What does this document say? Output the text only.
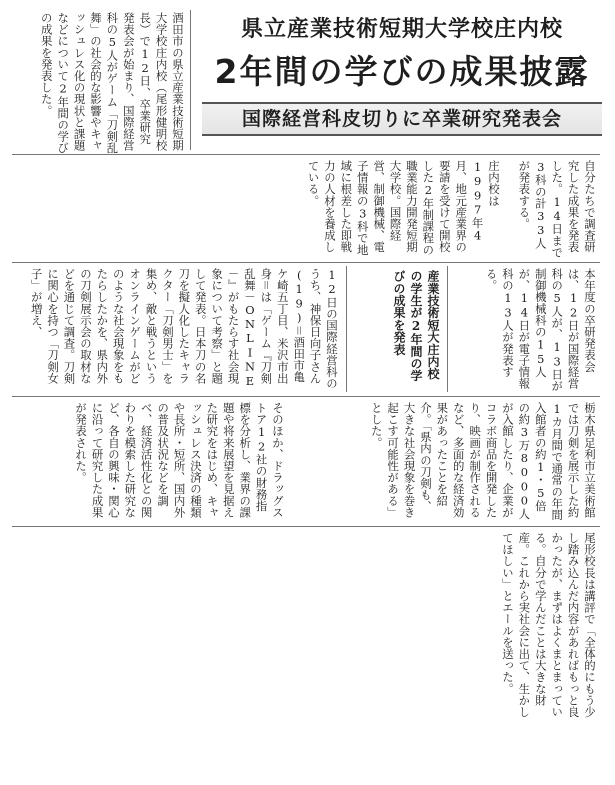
県立産業技術短期大学校庄内校
2年間の学びの成果披露
国際経営科皮切りに卒業研究発表会
酒田市の県立産業技術短期大学校庄内校（尾形健明校長）で12日、卒業研究発表会が始まり、国際経営科の5人がゲーム「刀剣乱舞」の社会的な影響やキャッシュレス化の現状と課題などについて2年間の学びの成果を発表した。
自分たちで調査研究した成果を発表した。14日まで3科の計33人が発表する。
庄内校は1997年4月、地元産業界の要請を受けて開校した2年制課程の職業能力開発短期大学校。国際経営、制御機械、電子情報の3科で地域に根差した即戦力の人材を養成している。
本年度の卒研発表会は、12日が国際経営科の5人が、13日が制御機械科の15人が、14日が電子情報科の13人が発表する。
産業技術短大庄内校の学生が2年間の学びの成果を発表
12日の国際経営科のうち、神保日向子さん(19)＝酒田市亀ケ崎五丁目、米沢市出身＝は「ゲーム『刀剣乱舞－ONLINE－』がもたらす社会現象について考察」と題して発表。日本刀の名刀を擬人化したキャラクター「刀剣男士」を集め、敵と戦うというオンラインゲームがどのような社会現象をもたらしたかを、県内外の刀剣展示会の取材などを通じて調査。刀剣に関心を持つ「刀剣女子」が増え、
栃木県足利市立美術館では刀剣を展示した約1カ月間で通常の年間入館者の約1・5倍の約3万8000人が入館したり、企業がコラボ商品を開発したり、映画が制作されるなど、多面的な経済効果があったことを紹介。「県内の刀剣も、大きな社会現象を巻き起こす可能性がある」とした。
そのほか、ドラッグストア12社の財務指標を分析し、業界の課題や将来展望を見据えた研究をはじめ、キャッシュレス決済の種類や長所・短所、国内外の普及状況などを調べ、経済活性化との関わりを模索した研究など、各自の興味・関心に沿って研究した成果が発表された。
尾形校長は講評で「全体的にもう少し踏み込んだ内容があればもっと良かったが、まずはよくまとまっている。自分で学んだことは大きな財産。これから実社会に出て、生かしてほしい」とエールを送った。
